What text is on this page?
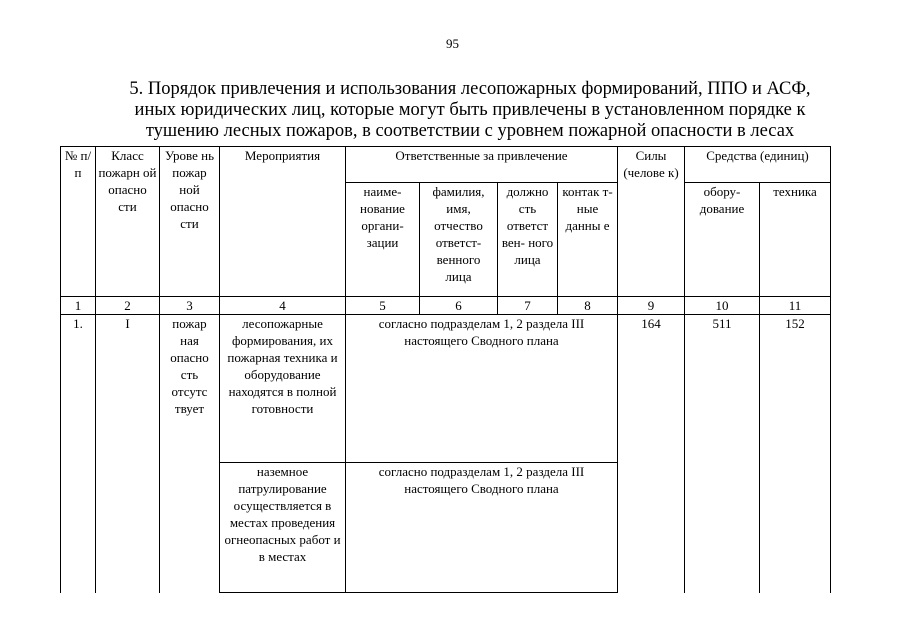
95
5. Порядок привлечения и использования лесопожарных формирований, ППО и АСФ,
иных юридических лиц, которые могут быть привлечены в установленном порядке к
тушению лесных пожаров, в соответствии с уровнем пожарной опасности в лесах
№ п/п	Класс пожарн ой опасно сти	Урове нь пожар ной опасно сти	Мероприятия	Ответственные за привлечение				Силы (челове к)	Средства (единиц)	
				наиме- нование органи- зации	фамилия, имя, отчество ответст- венного лица	должно сть ответст вен- ного лица	контак т-ные данны е		обору- дование	техника
1	2	3	4	5	6	7	8	9	10	11
1.	I	пожар ная опасно сть отсутс твует	лесопожарные формирования, их пожарная техника и оборудование находятся в полной готовности	согласно подразделам 1, 2 раздела III настоящего Сводного плана				164	511	152
			наземное патрулирование осуществляется в местах проведения огнеопасных работ и в местах	согласно подразделам 1, 2 раздела III настоящего Сводного плана						
